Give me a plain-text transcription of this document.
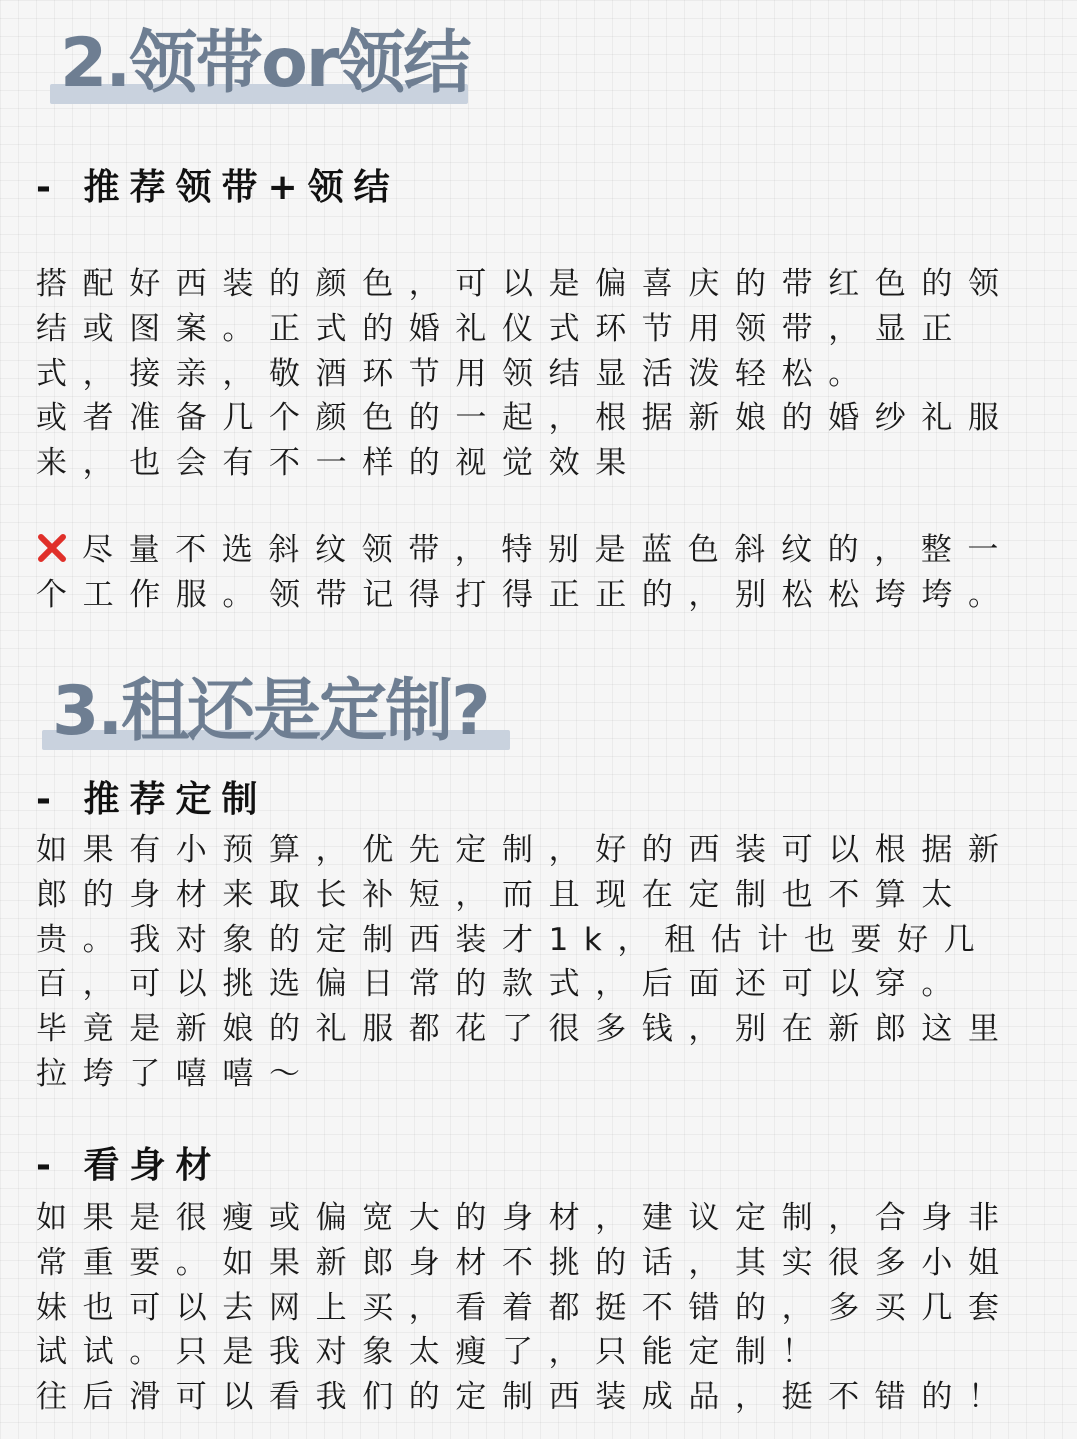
2.领带or领结
- 推荐领带+领结

搭配好西装的颜色，可以是偏喜庆的带红色的领结或图案。正式的婚礼仪式环节用领带，显正式，接亲，敬酒环节用领结显活泼轻松。

或者准备几个颜色的一起，根据新娘的婚纱礼服来，也会有不一样的视觉效果

尽量不选斜纹领带，特别是蓝色斜纹的，整一个工作服。领带记得打得正正的，别松松垮垮。

3.租还是定制?
- 推荐定制

如果有小预算，优先定制，好的西装可以根据新郎的身材来取长补短，而且现在定制也不算太贵。我对象的定制西装才1k，租估计也要好几百，可以挑选偏日常的款式，后面还可以穿。

毕竟是新娘的礼服都花了很多钱，别在新郎这里拉垮了嘻嘻～

- 看身材

如果是很瘦或偏宽大的身材，建议定制，合身非常重要。如果新郎身材不挑的话，其实很多小姐妹也可以去网上买，看着都挺不错的，多买几套试试。只是我对象太瘦了，只能定制！

往后滑可以看我们的定制西装成品，挺不错的！
